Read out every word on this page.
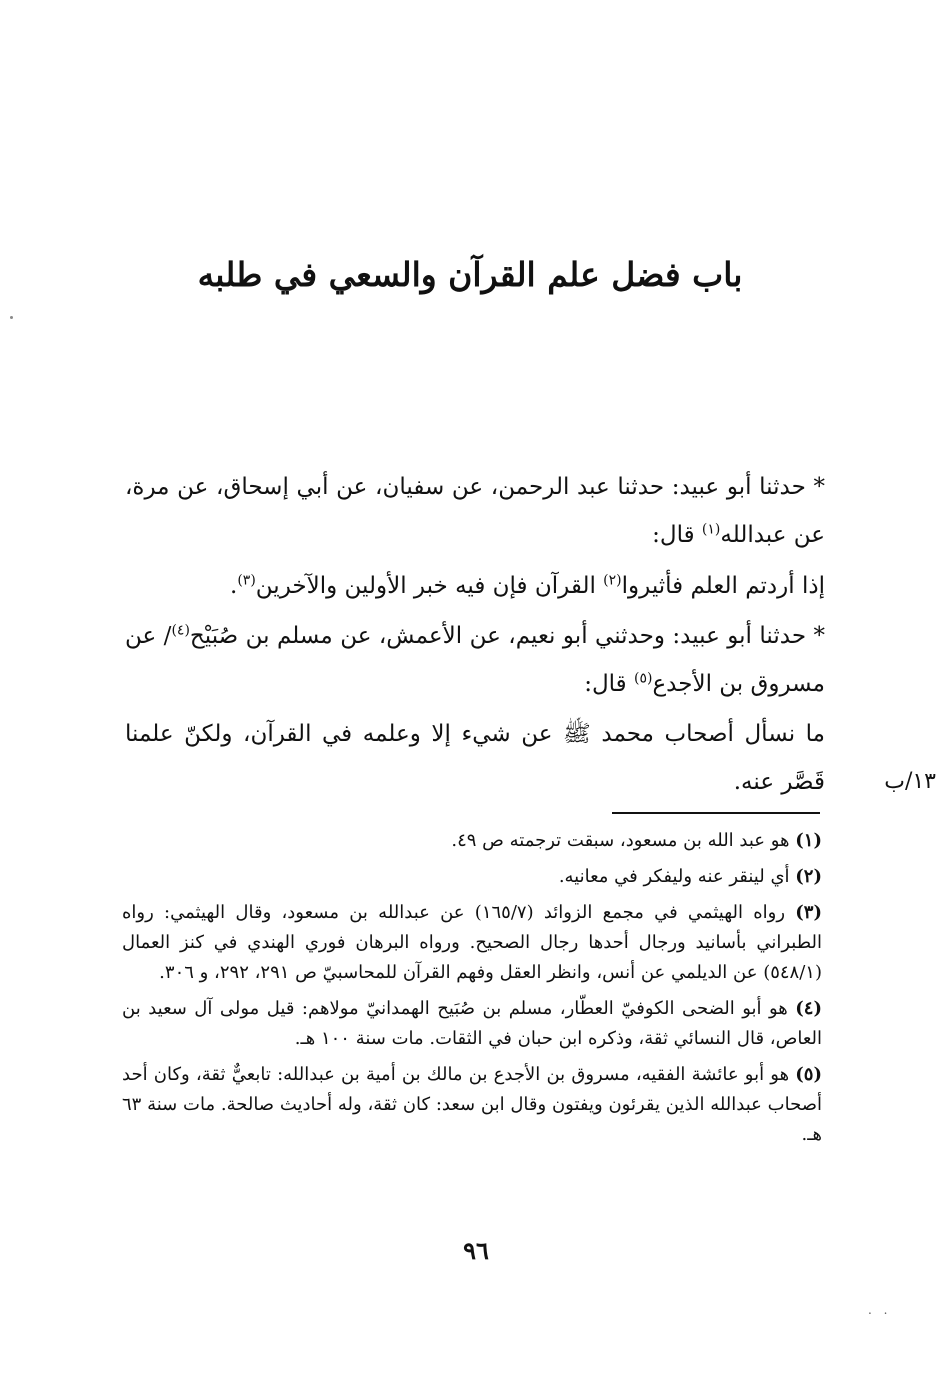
باب فضل علم القرآن والسعي في طلبه
* حدثنا أبو عبيد: حدثنا عبد الرحمن، عن سفيان، عن أبي إسحاق، عن مرة، عن عبدالله$^{(١)}$ قال:
إذا أردتم العلم فأثيروا$^{(٢)}$ القرآن فإن فيه خبر الأولين والآخرين$^{(٣)}$.
* حدثنا أبو عبيد: وحدثني أبو نعيم، عن الأعمش، عن مسلم بن صُبَيْح$^{(٤)}$/ عن مسروق بن الأجدع$^{(٥)}$ قال:
ما نسأل أصحاب محمد ﷺ عن شيء إلا وعلمه في القرآن، ولكنّ علمنا قَصَّر عنه.	١٣/ب

(١) هو عبد الله بن مسعود، سبقت ترجمته ص ٤٩.

(٢) أي لينقر عنه وليفكر في معانيه.

(٣) رواه الهيثمي في مجمع الزوائد (١٦٥/٧) عن عبدالله بن مسعود، وقال الهيثمي: رواه الطبراني بأسانيد ورجال أحدها رجال الصحيح. ورواه البرهان فوري الهندي في كنز العمال (٥٤٨/١) عن الديلمي عن أنس، وانظر العقل وفهم القرآن للمحاسبيّ ص ٢٩١، ٢٩٢، و ٣٠٦.

(٤) هو أبو الضحى الكوفيّ العطّار، مسلم بن صُبَيح الهمدانيّ مولاهم: قيل مولى آل سعيد بن العاص، قال النسائي ثقة، وذكره ابن حبان في الثقات. مات سنة ١٠٠ هـ.

(٥) هو أبو عائشة الفقيه، مسروق بن الأجدع بن مالك بن أمية بن عبدالله: تابعيٌّ ثقة، وكان أحد أصحاب عبدالله الذين يقرئون ويفتون وقال ابن سعد: كان ثقة، وله أحاديث صالحة. مات سنة ٦٣ هـ.

٩٦
. .
